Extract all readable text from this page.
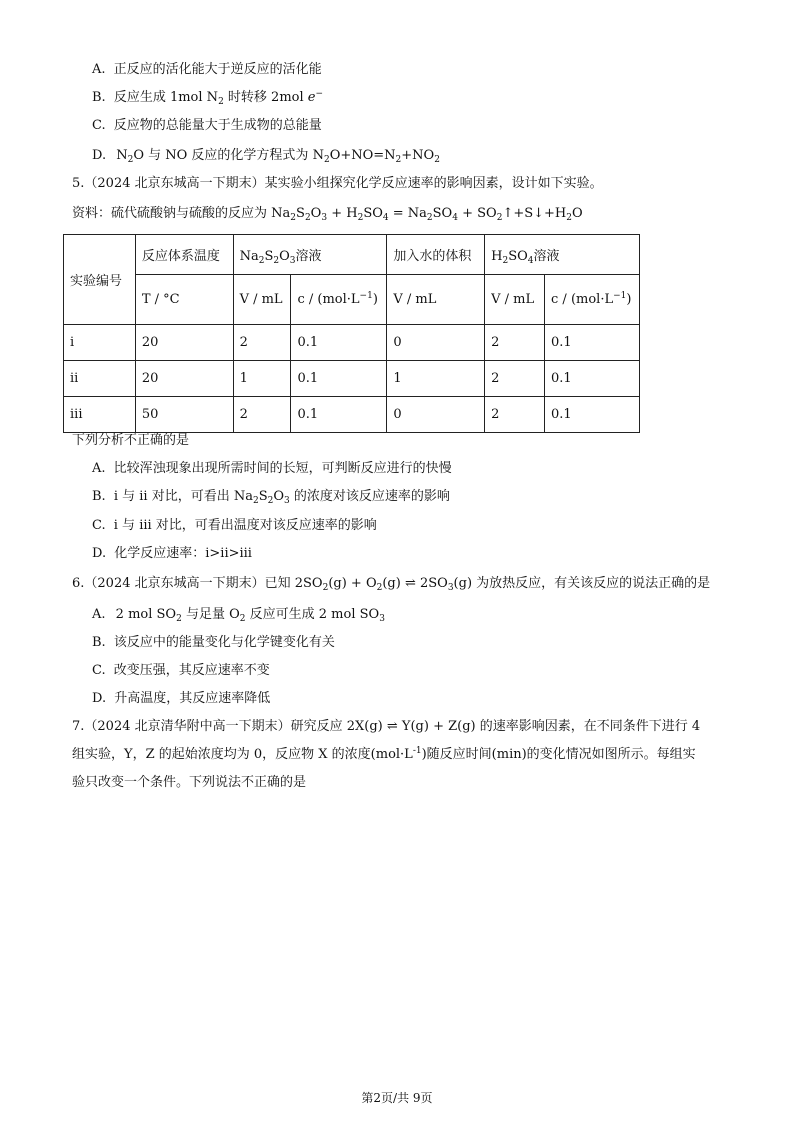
A. 正反应的活化能大于逆反应的活化能
B. 反应生成 1mol $N_2$ 时转移 2mol e−
C. 反应物的总能量大于生成物的总能量
D. $N_2O$ 与 NO 反应的化学方程式为 $N_2O+NO=N_2+NO_2$
5.（2024 北京东城高一下期末）某实验小组探究化学反应速率的影响因素，设计如下实验。
资料：硫代硫酸钠与硫酸的反应为 $Na_2S_2O_3 + H_2SO_4 = Na_2SO_4$ + $SO_2↑+S↓+H_2O$
实验编号	反应体系温度	$Na_2S_2O_3$溶液		加入水的体积	$H_2SO_4$溶液	
	T / °C	V / mL	$c / (mol\cdot L^{-1})$	V / mL	V / mL	$c / (mol\cdot L^{-1})$
i	20	2	0.1	0	2	0.1
ii	20	1	0.1	1	2	0.1
iii	50	2	0.1	0	2	0.1
下列分析不正确的是
A. 比较浑浊现象出现所需时间的长短，可判断反应进行的快慢
B. i 与 ii 对比，可看出 $Na_2S_2O_3$ 的浓度对该反应速率的影响
C. i 与 iii 对比，可看出温度对该反应速率的影响
D. 化学反应速率：i>ii>iii
6.（2024 北京东城高一下期末）已知 $2SO_2(g) + O_2(g)$ ⇌ $2SO_3(g)$ 为放热反应，有关该反应的说法正确的是
A. 2 mol $SO_2$ 与足量 $O_2$ 反应可生成 2 mol $SO_3$
B. 该反应中的能量变化与化学键变化有关
C. 改变压强，其反应速率不变
D. 升高温度，其反应速率降低
7.（2024 北京清华附中高一下期末）研究反应 2X(g) ⇌ Y(g) + Z(g) 的速率影响因素，在不同条件下进行 4
组实验，Y，Z 的起始浓度均为 0，反应物 X 的浓度$(mol\cdot L^{-1})$随反应时间(min)的变化情况如图所示。每组实
验只改变一个条件。下列说法不正确的是
第2页/共 9页
